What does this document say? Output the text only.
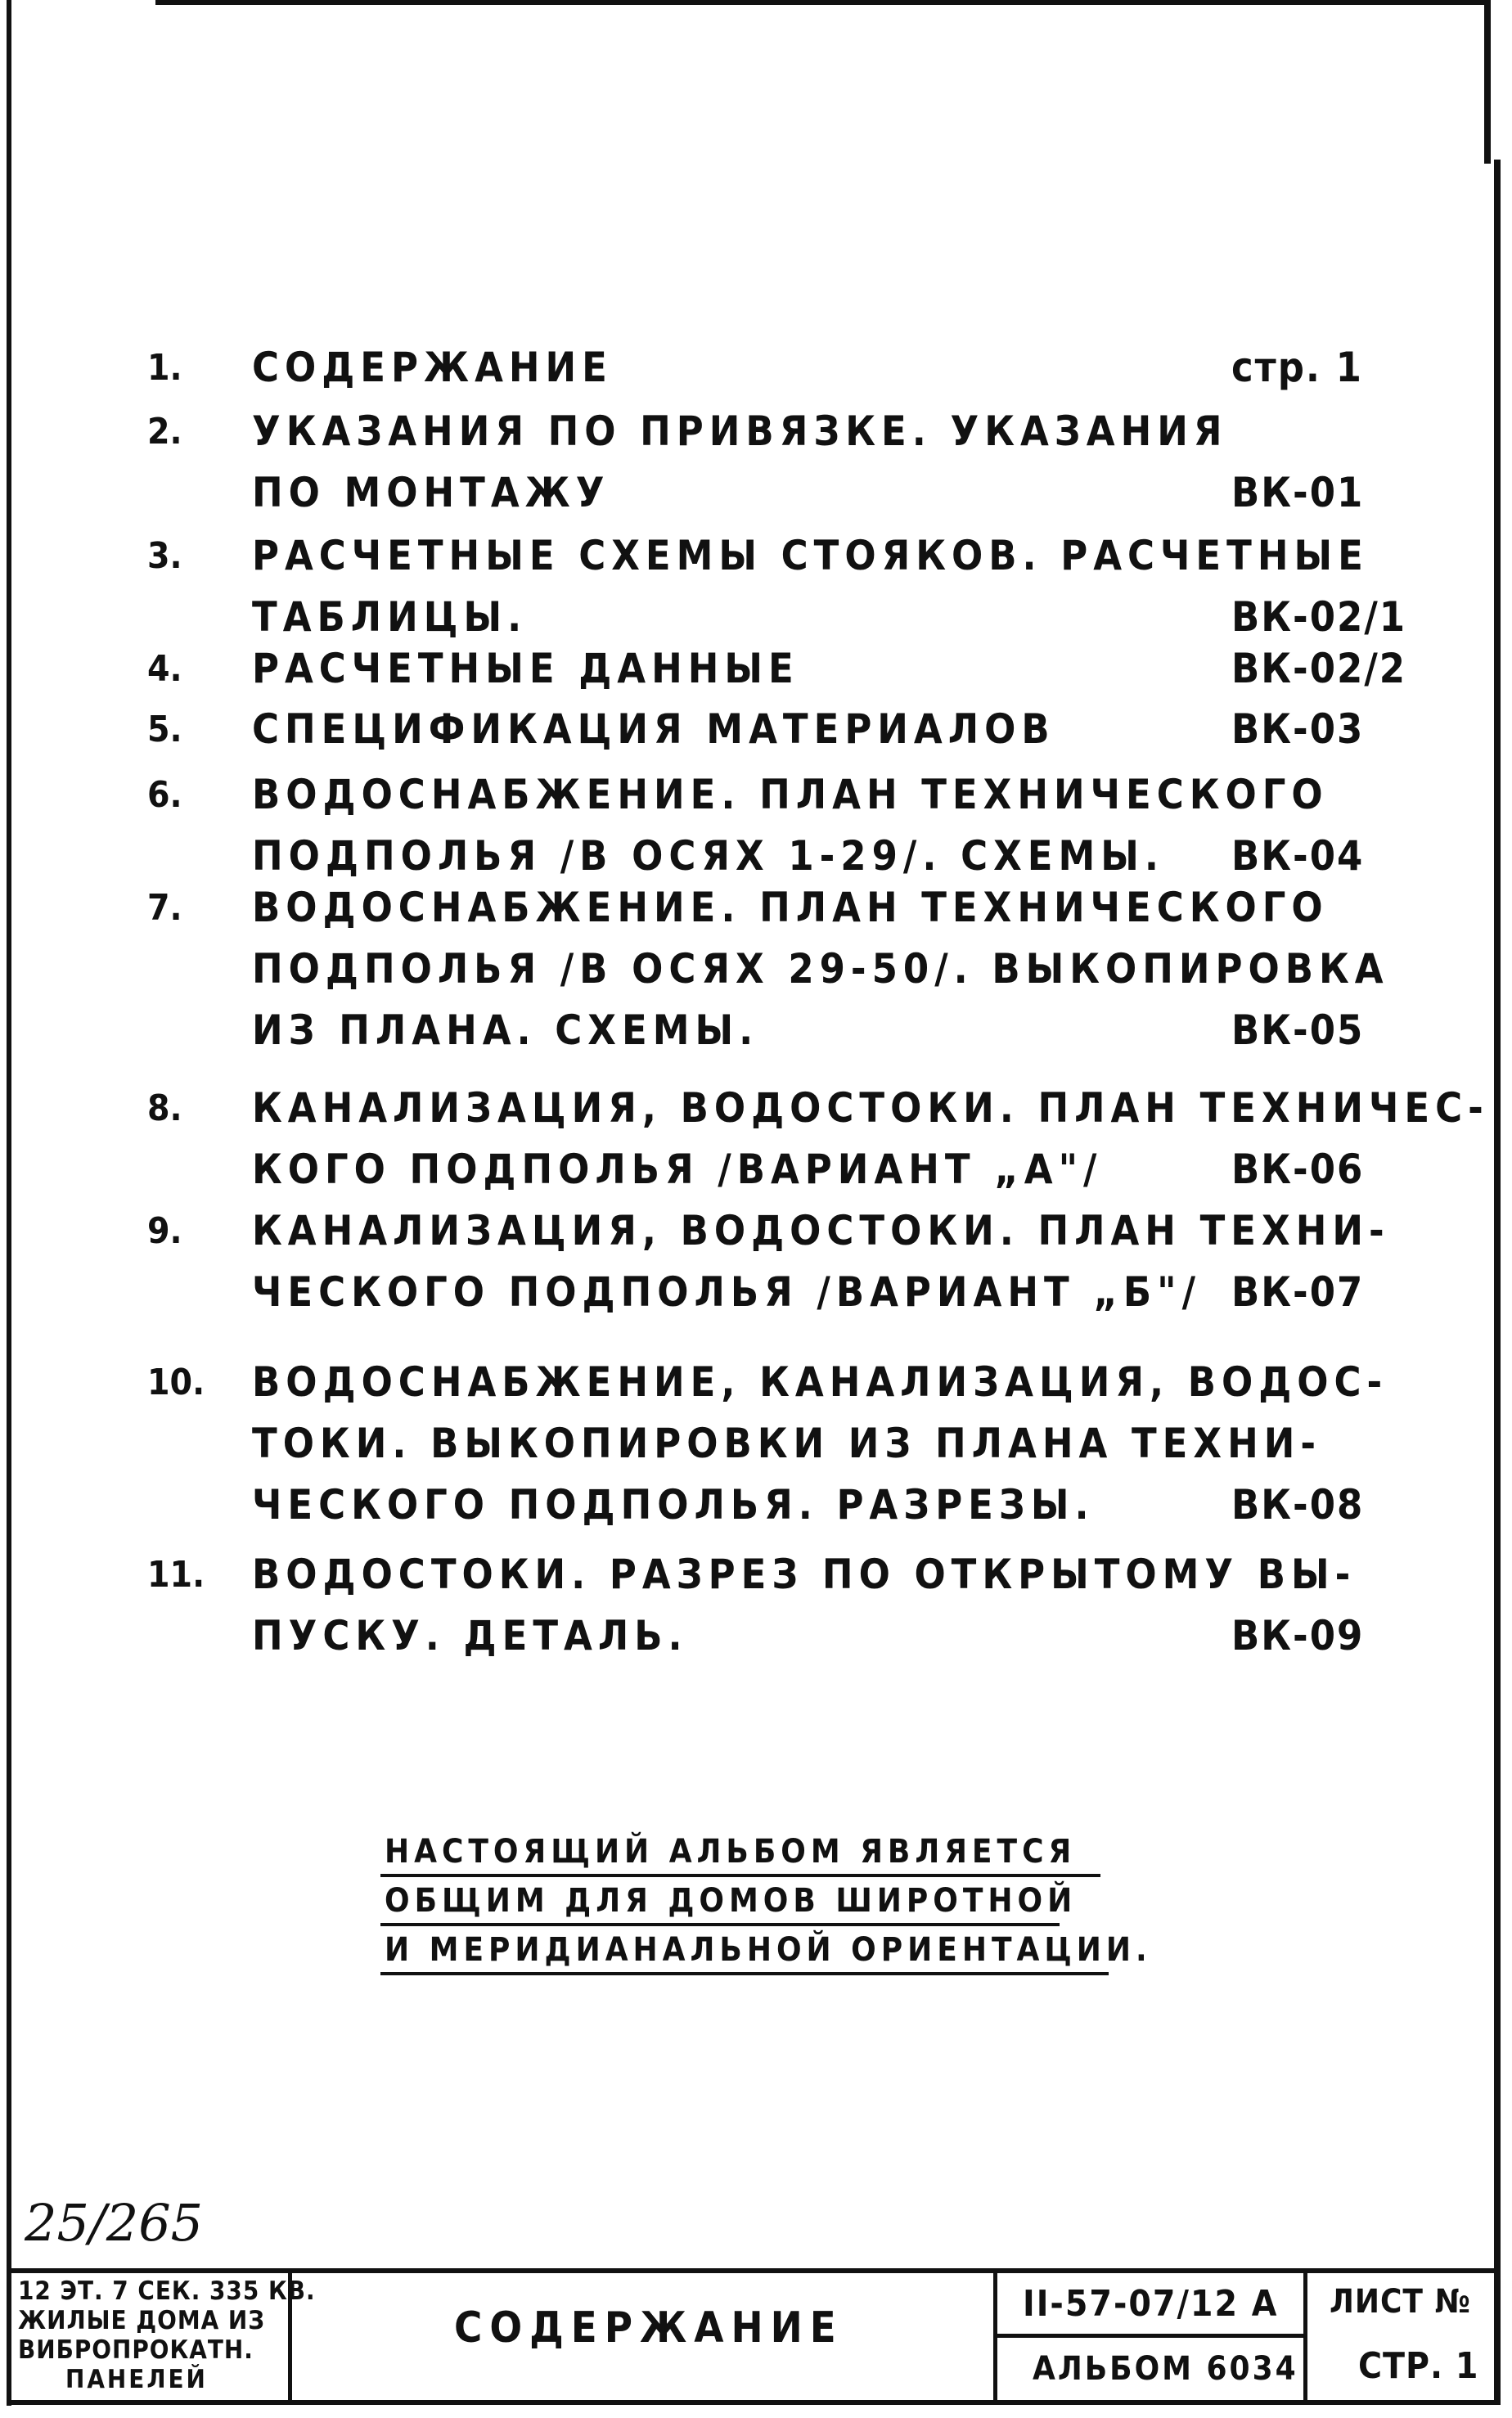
1. СОДЕРЖАНИЕ	стр. 1
2. УКАЗАНИЯ ПО ПРИВЯЗКЕ. УКАЗАНИЯ
ПО МОНТАЖУ	ВК-01
3. РАСЧЕТНЫЕ СХЕМЫ СТОЯКОВ. РАСЧЕТНЫЕ
ТАБЛИЦЫ.	ВК-02/1
4. РАСЧЕТНЫЕ ДАННЫЕ	ВК-02/2
5. СПЕЦИФИКАЦИЯ МАТЕРИАЛОВ	ВК-03
6. ВОДОСНАБЖЕНИЕ. ПЛАН ТЕХНИЧЕСКОГО
ПОДПОЛЬЯ /В ОСЯХ 1-29/. СХЕМЫ. ВК-04
7. ВОДОСНАБЖЕНИЕ. ПЛАН ТЕХНИЧЕСКОГО
ПОДПОЛЬЯ /В ОСЯХ 29-50/. ВЫКОПИРОВКА
ИЗ ПЛАНА. СХЕМЫ.	ВК-05
8. КАНАЛИЗАЦИЯ, ВОДОСТОКИ. ПЛАН ТЕХНИЧЕС-
КОГО ПОДПОЛЬЯ /ВАРИАНТ „А"/	ВК-06
9. КАНАЛИЗАЦИЯ, ВОДОСТОКИ. ПЛАН ТЕХНИ-
ЧЕСКОГО ПОДПОЛЬЯ /ВАРИАНТ „Б"/ ВК-07
10. ВОДОСНАБЖЕНИЕ, КАНАЛИЗАЦИЯ, ВОДОС-
ТОКИ. ВЫКОПИРОВКИ ИЗ ПЛАНА ТЕХНИ-
ЧЕСКОГО ПОДПОЛЬЯ. РАЗРЕЗЫ.	ВК-08
11. ВОДОСТОКИ. РАЗРЕЗ ПО ОТКРЫТОМУ ВЫ-
ПУСКУ. ДЕТАЛЬ.	ВК-09
НАСТОЯЩИЙ АЛЬБОМ ЯВЛЯЕТСЯ
ОБЩИМ ДЛЯ ДОМОВ ШИРОТНОЙ
И МЕРИДИАНАЛЬНОЙ ОРИЕНТАЦИИ.
25/265
12 ЭТ. 7 СЕК. 335 КВ.
ЖИЛЫЕ ДОМА ИЗ
ВИБРОПРОКАТН.
ПАНЕЛЕЙ
СОДЕРЖАНИЕ	II-57-07/12 А
АЛЬБОМ 6034
ЛИСТ №
СТР. 1
